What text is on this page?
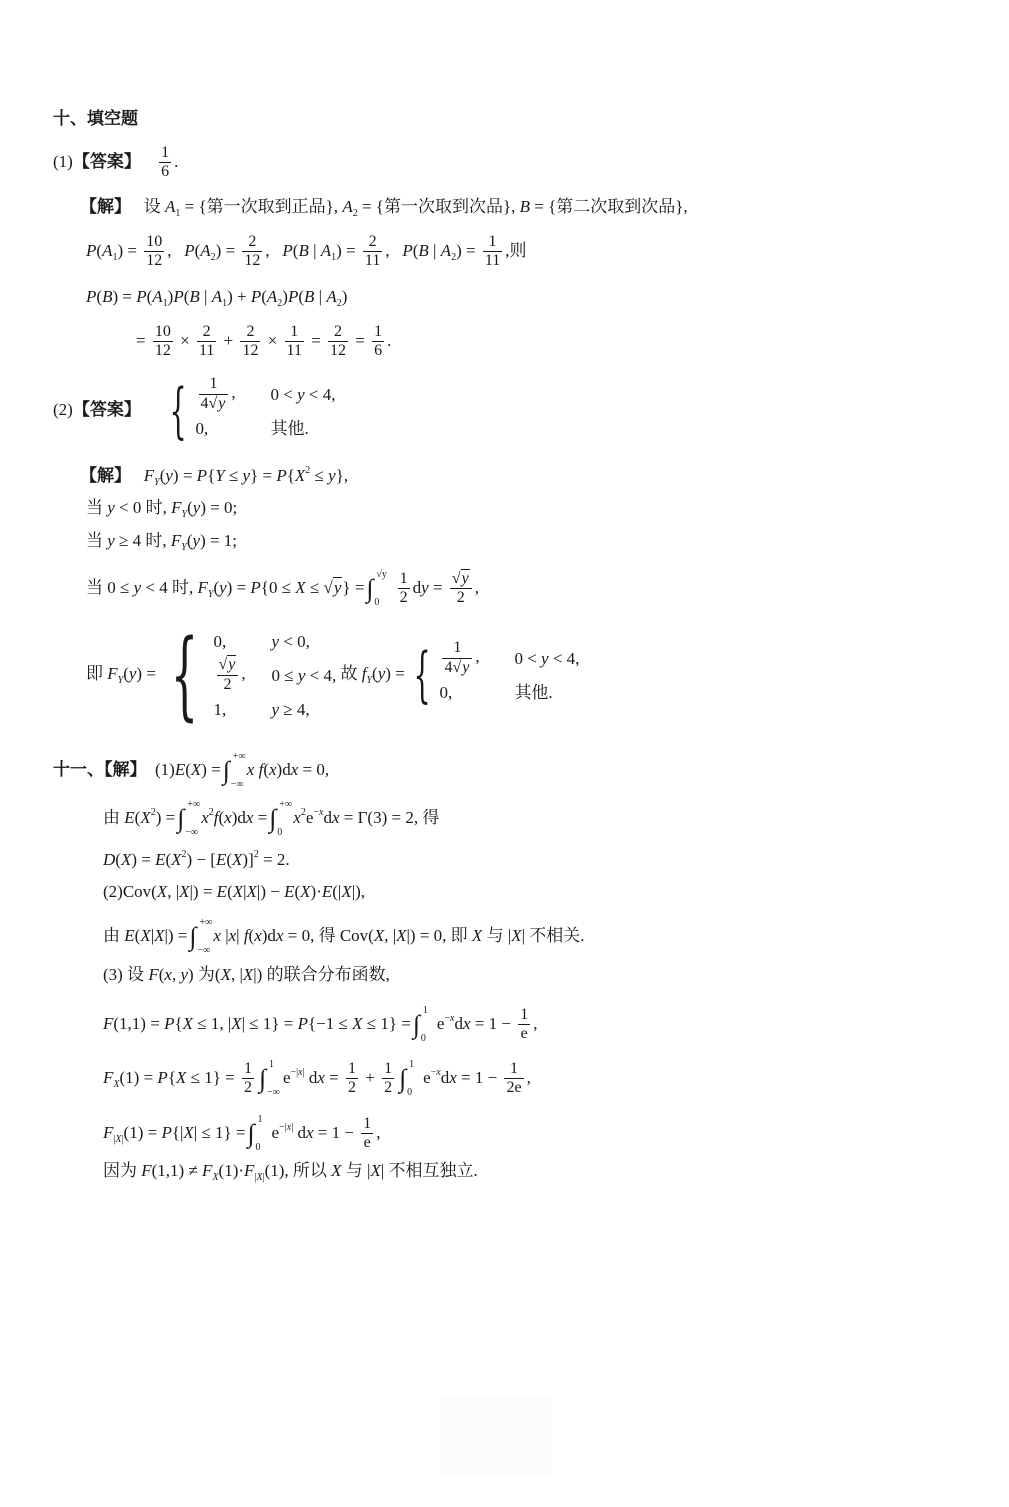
十、填空题
(1)【答案】 $\frac{1}{6}$ .
【解】   设 $A_1$ = {第一次取到正品}, $A_2$ = {第一次取到次品}, B = {第二次取到次品},
$P(A_1) = \frac{10}{12}$ ,   $P(A_2) = \frac{2}{12}$ ,   P(B | $A_1) = \frac{2}{11}$ ,   P(B | $A_2) = \frac{1}{11}$ ,则
$P(B) = P(A_1)P(B$ | $A_1) + P(A_2)P(B$ | $A_2$)
= $\frac{10}{12} \times \frac{2}{11} + \frac{2}{12} \times \frac{1}{11} = \frac{2}{12} = \frac{1}{6}$ .
(2)【答案】 { $\frac{1}{4√y}$ ,	0 < y < 4,
0,	其他.
【解】 $F_Y(y) = P\{Y \le y\} = P\{X^2 \le y\}$,
当 y < 0 时, $F_Y(y) = 0$;
当 y ≥ 4 时, $F_Y(y) = 1$;
当 0 ≤ y < 4 时, $F_Y(y) = P\{0 \le X \le √y\}$ =∫ √y
0
$\frac{1}{2}$ dy = $\frac{√y}{2}$ ,
即 $F_Y(y)$ = { 0,	y < 0,
$\frac{√y}{2}$ ,	0 ≤ y < 4,
1,	y ≥ 4,
故 $f_Y(y)$ = { $\frac{1}{4√y}$ ,	0 < y < 4,
0,	其他.
十一、【解】  (1)E(X) =∫ +∞
−∞
x f(x)dx = 0,
由 $E(X^2)$ =∫ +∞
−∞
$x^2f(x)dx$ =∫ +∞
0
$x^2e^{-x}dx = \Gamma(3) = 2$, 得
$D(X) = E(X^2) - [E(X)]^2 = 2$.
(2)Cov(X, |X|) = E(X|X|) − E(X)·E(|X|),
由 E(X|X|) =∫ +∞
−∞
x |x| f(x)dx = 0, 得 Cov(X, |X|) = 0, 即 X 与 |X| 不相关.
(3) 设 F(x, y) 为(X, |X|) 的联合分布函数,
F(1,1) = P{X ≤ 1, |X| ≤ 1} = P{−1 ≤ X ≤ 1} =∫ 1
0
$e^{-x}dx = 1 - \frac{1}{e}$ ,
$F_X(1) = P\{X \le 1\} = \frac{1}{2}$ ∫ 1
−∞
$e^{-|x|}$ dx = $\frac{1}{2} + \frac{1}{2}$ ∫ 1
0
$e^{-x}dx = 1 - \frac{1}{2e}$ ,
$F_{|X|}(1) = P\{|X| \le 1\}$ =∫ 1
0
$e^{-|x|}$ dx = $1 - \frac{1}{e}$ ,
因为 $F(1,1) \ne F_X(1)\cdot F_{|X|}(1)$, 所以 X 与 |X| 不相互独立.
